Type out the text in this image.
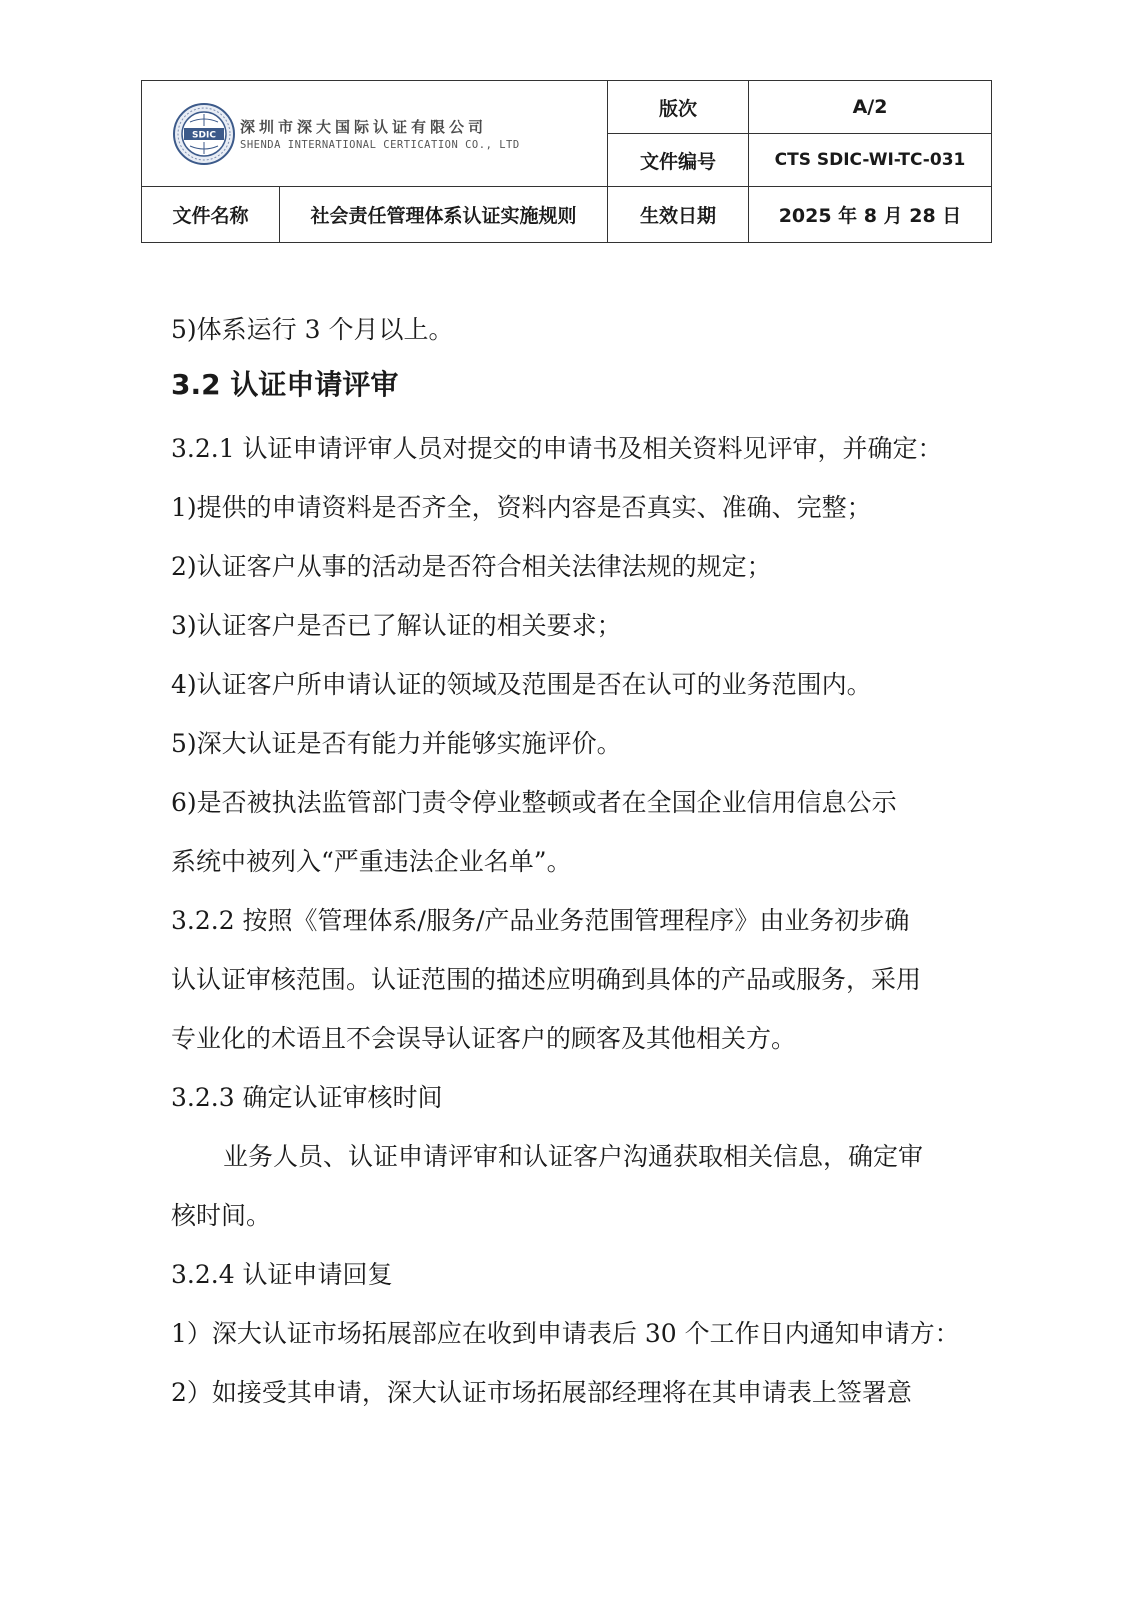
SDIC 深圳市深大国际认证有限公司
SHENDA INTERNATIONAL CERTICATION CO., LTD		版次	A/2
		文件编号	CTS SDIC-WI-TC-031
文件名称	社会责任管理体系认证实施规则	生效日期	2025 年 8 月 28 日

5)体系运行 3 个月以上。

3.2 认证申请评审

3.2.1 认证申请评审人员对提交的申请书及相关资料见评审，并确定：

1)提供的申请资料是否齐全，资料内容是否真实、准确、完整；

2)认证客户从事的活动是否符合相关法律法规的规定；

3)认证客户是否已了解认证的相关要求；

4)认证客户所申请认证的领域及范围是否在认可的业务范围内。

5)深大认证是否有能力并能够实施评价。

6)是否被执法监管部门责令停业整顿或者在全国企业信用信息公示

系统中被列入“严重违法企业名单”。

3.2.2 按照《管理体系/服务/产品业务范围管理程序》由业务初步确

认认证审核范围。认证范围的描述应明确到具体的产品或服务，采用

专业化的术语且不会误导认证客户的顾客及其他相关方。

3.2.3 确定认证审核时间

业务人员、认证申请评审和认证客户沟通获取相关信息，确定审

核时间。

3.2.4 认证申请回复

1）深大认证市场拓展部应在收到申请表后 30 个工作日内通知申请方：

2）如接受其申请，深大认证市场拓展部经理将在其申请表上签署意
